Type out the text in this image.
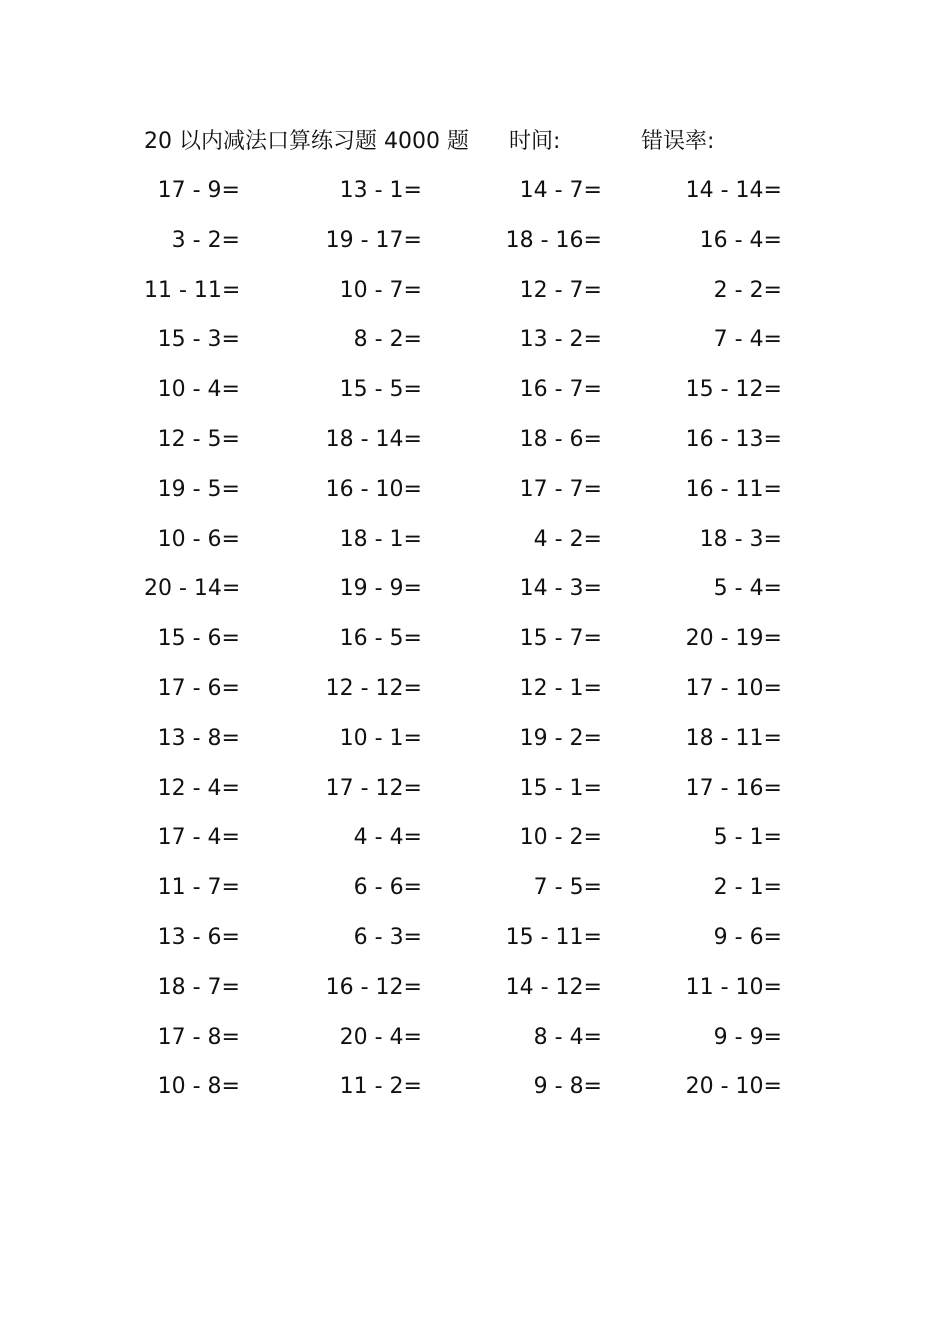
20 以内减法口算练习题 4000 题 时间:	错误率:
17 - 9=	13 - 1=	14 - 7=	14 - 14=
3 - 2=	19 - 17=	18 - 16=	16 - 4=
11 - 11=	10 - 7=	12 - 7=	2 - 2=
15 - 3=	8 - 2=	13 - 2=	7 - 4=
10 - 4=	15 - 5=	16 - 7=	15 - 12=
12 - 5=	18 - 14=	18 - 6=	16 - 13=
19 - 5=	16 - 10=	17 - 7=	16 - 11=
10 - 6=	18 - 1=	4 - 2=	18 - 3=
20 - 14=	19 - 9=	14 - 3=	5 - 4=
15 - 6=	16 - 5=	15 - 7=	20 - 19=
17 - 6=	12 - 12=	12 - 1=	17 - 10=
13 - 8=	10 - 1=	19 - 2=	18 - 11=
12 - 4=	17 - 12=	15 - 1=	17 - 16=
17 - 4=	4 - 4=	10 - 2=	5 - 1=
11 - 7=	6 - 6=	7 - 5=	2 - 1=
13 - 6=	6 - 3=	15 - 11=	9 - 6=
18 - 7=	16 - 12=	14 - 12=	11 - 10=
17 - 8=	20 - 4=	8 - 4=	9 - 9=
10 - 8=	11 - 2=	9 - 8=	20 - 10=
